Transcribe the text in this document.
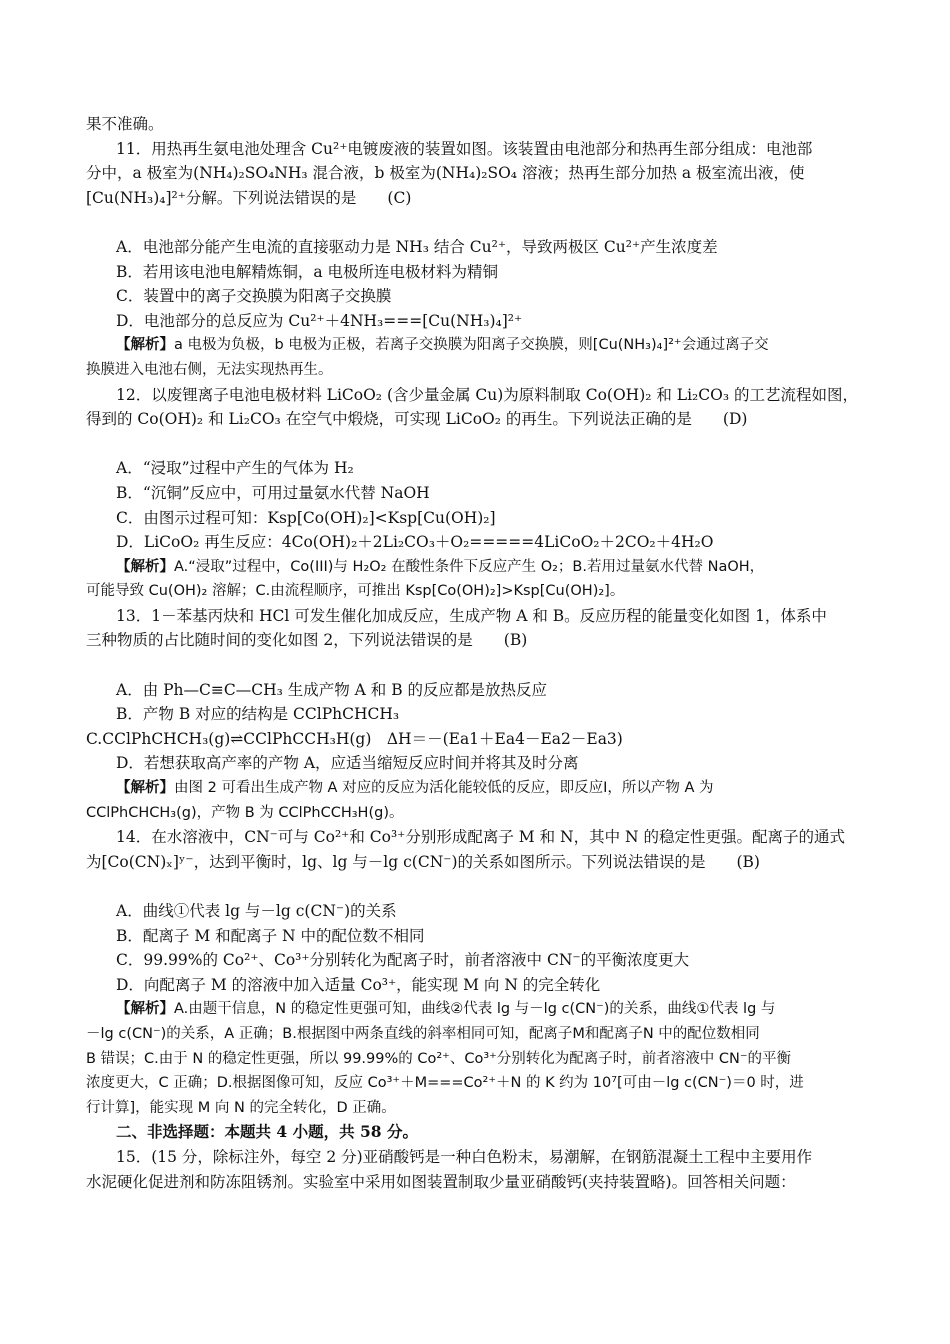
果不准确。
11．用热再生氨电池处理含 Cu²⁺电镀废液的装置如图。该装置由电池部分和热再生部分组成：电池部
分中，a 极室为(NH₄)₂SO₄NH₃ 混合液，b 极室为(NH₄)₂SO₄ 溶液；热再生部分加热 a 极室流出液，使
[Cu(NH₃)₄]²⁺分解。下列说法错误的是　　(C)
A．电池部分能产生电流的直接驱动力是 NH₃ 结合 Cu²⁺，导致两极区 Cu²⁺产生浓度差
B．若用该电池电解精炼铜，a 电极所连电极材料为精铜
C．装置中的离子交换膜为阳离子交换膜
D．电池部分的总反应为 Cu²⁺＋4NH₃===[Cu(NH₃)₄]²⁺
【解析】a 电极为负极，b 电极为正极，若离子交换膜为阳离子交换膜，则[Cu(NH₃)₄]²⁺会通过离子交
换膜进入电池右侧，无法实现热再生。
12．以废锂离子电池电极材料 LiCoO₂ (含少量金属 Cu)为原料制取 Co(OH)₂ 和 Li₂CO₃ 的工艺流程如图，
得到的 Co(OH)₂ 和 Li₂CO₃ 在空气中煅烧，可实现 LiCoO₂ 的再生。下列说法正确的是　　(D)
A．“浸取”过程中产生的气体为 H₂
B．“沉铜”反应中，可用过量氨水代替 NaOH
C．由图示过程可知：Ksp[Co(OH)₂]<Ksp[Cu(OH)₂]
D．LiCoO₂ 再生反应：4Co(OH)₂＋2Li₂CO₃＋O₂=====4LiCoO₂＋2CO₂＋4H₂O
【解析】A.“浸取”过程中，Co(III)与 H₂O₂ 在酸性条件下反应产生 O₂；B.若用过量氨水代替 NaOH，
可能导致 Cu(OH)₂ 溶解；C.由流程顺序，可推出 Ksp[Co(OH)₂]>Ksp[Cu(OH)₂]。
13．1－苯基丙炔和 HCl 可发生催化加成反应，生成产物 A 和 B。反应历程的能量变化如图 1，体系中
三种物质的占比随时间的变化如图 2，下列说法错误的是　　(B)
A．由 Ph—C≡C—CH₃ 生成产物 A 和 B 的反应都是放热反应
B．产物 B 对应的结构是 CClPhCHCH₃
C.CClPhCHCH₃(g)⇌CClPhCCH₃H(g)　ΔH＝－(Ea1＋Ea4－Ea2－Ea3)
D．若想获取高产率的产物 A，应适当缩短反应时间并将其及时分离
【解析】由图 2 可看出生成产物 A 对应的反应为活化能较低的反应，即反应Ⅰ，所以产物 A 为
CClPhCHCH₃(g)，产物 B 为 CClPhCCH₃H(g)。
14．在水溶液中，CN⁻可与 Co²⁺和 Co³⁺分别形成配离子 M 和 N，其中 N 的稳定性更强。配离子的通式
为[Co(CN)ₓ]ʸ⁻，达到平衡时，lg、lg 与－lg c(CN⁻)的关系如图所示。下列说法错误的是　　(B)
A．曲线①代表 lg 与－lg c(CN⁻)的关系
B．配离子 M 和配离子 N 中的配位数不相同
C．99.99%的 Co²⁺、Co³⁺分别转化为配离子时，前者溶液中 CN⁻的平衡浓度更大
D．向配离子 M 的溶液中加入适量 Co³⁺，能实现 M 向 N 的完全转化
【解析】A.由题干信息，N 的稳定性更强可知，曲线②代表 lg 与－lg c(CN⁻)的关系，曲线①代表 lg 与
－lg c(CN⁻)的关系，A 正确；B.根据图中两条直线的斜率相同可知，配离子M和配离子N 中的配位数相同
B 错误；C.由于 N 的稳定性更强，所以 99.99%的 Co²⁺、Co³⁺分别转化为配离子时，前者溶液中 CN⁻的平衡
浓度更大，C 正确；D.根据图像可知，反应 Co³⁺＋M===Co²⁺＋N 的 K 约为 10⁷[可由－lg c(CN⁻)＝0 时，进
行计算]，能实现 M 向 N 的完全转化，D 正确。
二、非选择题：本题共 4 小题，共 58 分。
15．(15 分，除标注外，每空 2 分)亚硝酸钙是一种白色粉末，易潮解，在钢筋混凝土工程中主要用作
水泥硬化促进剂和防冻阻锈剂。实验室中采用如图装置制取少量亚硝酸钙(夹持装置略)。回答相关问题：
